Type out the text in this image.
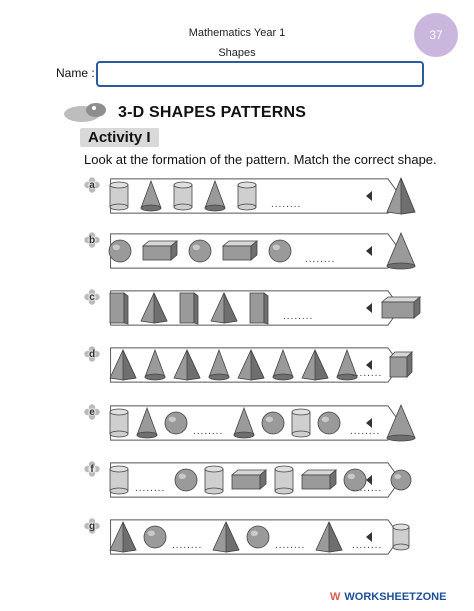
Mathematics Year 1
Shapes
37
Name :
3-D SHAPES PATTERNS
Activity I
Look at the formation of the pattern. Match the correct shape.
a
........
b
........
c
........
d
........
e
........	........
f
........	........
g
........	........	........
W WORKSHEETZONE
